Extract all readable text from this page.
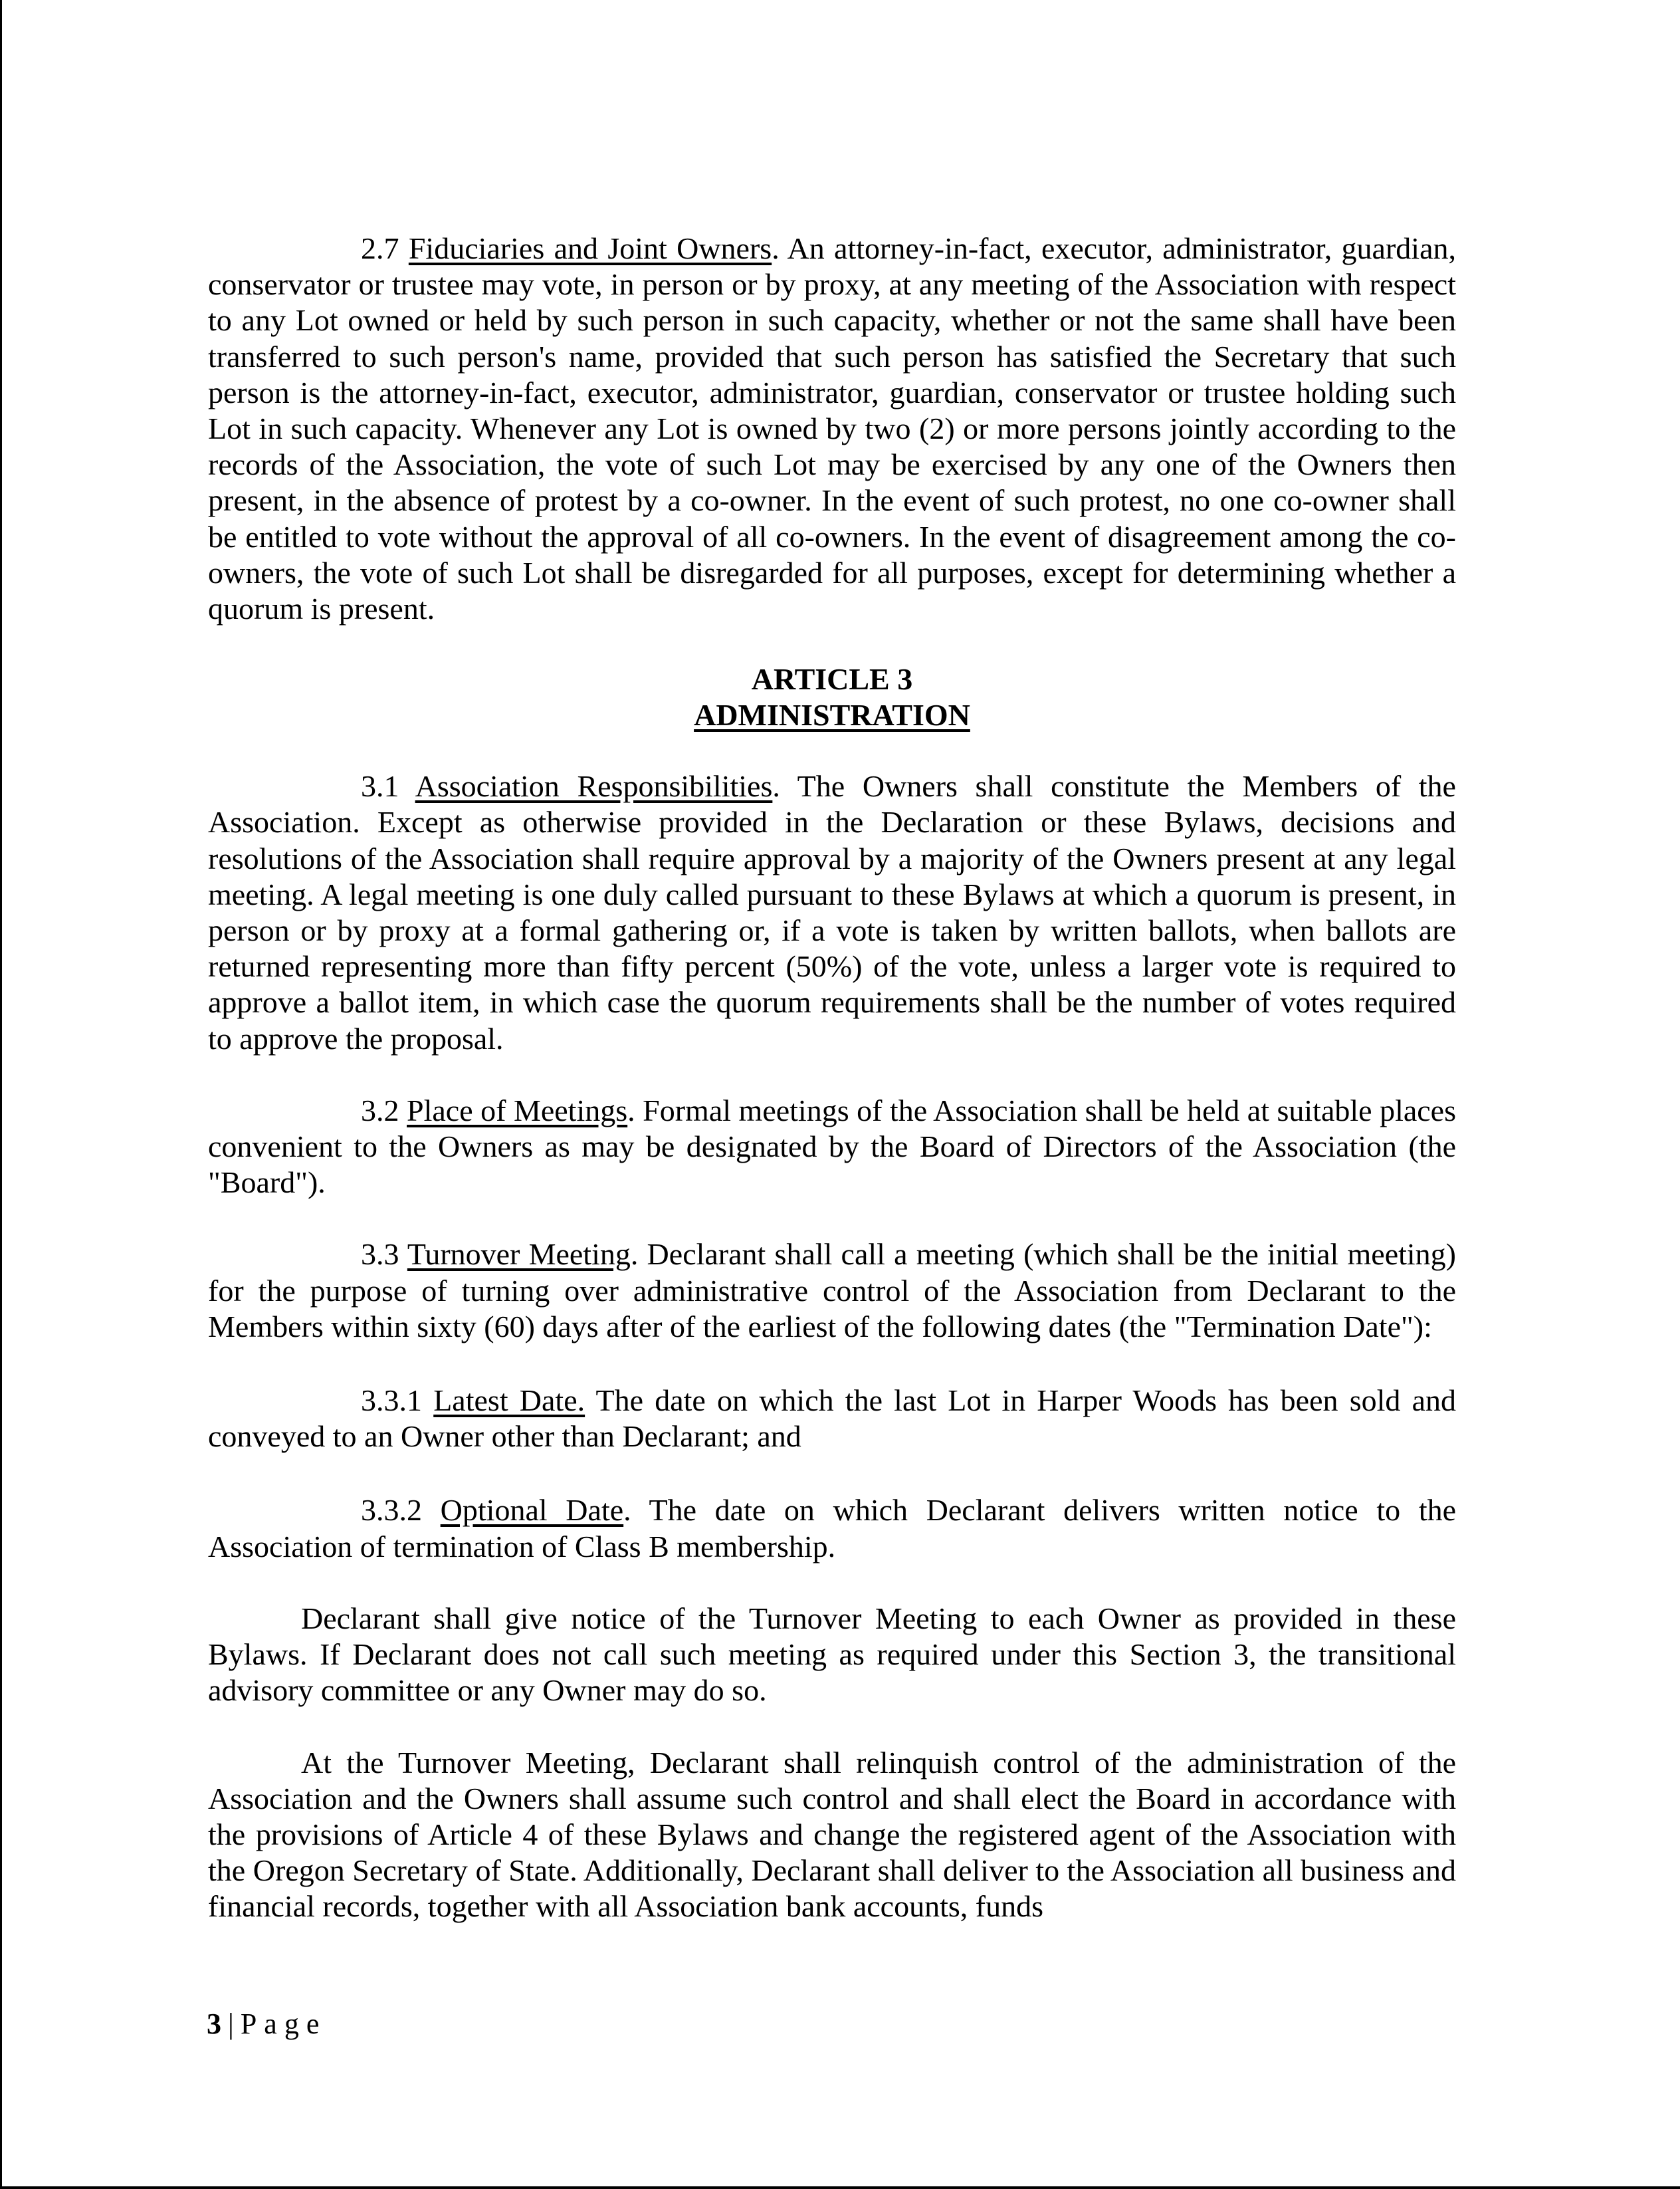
2.7 Fiduciaries and Joint Owners. An attorney-in-fact, executor, administrator, guardian, conservator or trustee may vote, in person or by proxy, at any meeting of the Association with respect to any Lot owned or held by such person in such capacity, whether or not the same shall have been transferred to such person's name, provided that such person has satisfied the Secretary that such person is the attorney-in-fact, executor, administrator, guardian, conservator or trustee holding such Lot in such capacity. Whenever any Lot is owned by two (2) or more persons jointly according to the records of the Association, the vote of such Lot may be exercised by any one of the Owners then present, in the absence of protest by a co-owner. In the event of such protest, no one co-owner shall be entitled to vote without the approval of all co-owners. In the event of disagreement among the co-owners, the vote of such Lot shall be disregarded for all purposes, except for determining whether a quorum is present.

ARTICLE 3
ADMINISTRATION

3.1 Association Responsibilities. The Owners shall constitute the Members of the Association. Except as otherwise provided in the Declaration or these Bylaws, decisions and resolutions of the Association shall require approval by a majority of the Owners present at any legal meeting. A legal meeting is one duly called pursuant to these Bylaws at which a quorum is present, in person or by proxy at a formal gathering or, if a vote is taken by written ballots, when ballots are returned representing more than fifty percent (50%) of the vote, unless a larger vote is required to approve a ballot item, in which case the quorum requirements shall be the number of votes required to approve the proposal.

3.2 Place of Meetings. Formal meetings of the Association shall be held at suitable places convenient to the Owners as may be designated by the Board of Directors of the Association (the "Board").

3.3 Turnover Meeting. Declarant shall call a meeting (which shall be the initial meeting) for the purpose of turning over administrative control of the Association from Declarant to the Members within sixty (60) days after of the earliest of the following dates (the "Termination Date"):

3.3.1 Latest Date. The date on which the last Lot in Harper Woods has been sold and conveyed to an Owner other than Declarant; and

3.3.2 Optional Date. The date on which Declarant delivers written notice to the Association of termination of Class B membership.

Declarant shall give notice of the Turnover Meeting to each Owner as provided in these Bylaws. If Declarant does not call such meeting as required under this Section 3, the transitional advisory committee or any Owner may do so.

At the Turnover Meeting, Declarant shall relinquish control of the administration of the Association and the Owners shall assume such control and shall elect the Board in accordance with the provisions of Article 4 of these Bylaws and change the registered agent of the Association with the Oregon Secretary of State. Additionally, Declarant shall deliver to the Association all business and financial records, together with all Association bank accounts, funds

3 | Page
